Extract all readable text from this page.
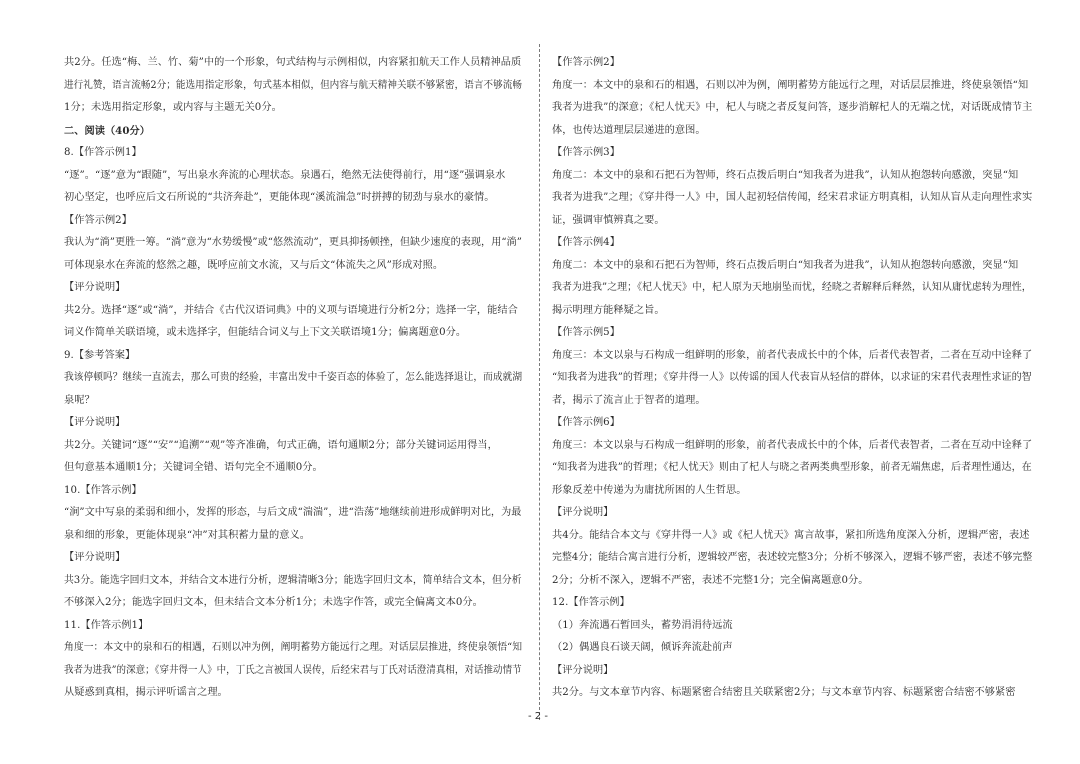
共2分。任选“梅、兰、竹、菊”中的一个形象，句式结构与示例相似，内容紧扣航天工作人员精神品质
进行礼赞，语言流畅2分；能选用指定形象，句式基本相似，但内容与航天精神关联不够紧密，语言不够流畅
1分；未选用指定形象，或内容与主题无关0分。
二、阅读（40分）
8.【作答示例1】
“逐”。“逐”意为“跟随”，写出泉水奔流的心理状态。泉遇石，绝然无法使得前行，用“逐”强调泉水
初心坚定，也呼应后文石所说的“共济奔赴”，更能体现“溪流湍急”时拼搏的韧劲与泉水的豪情。
【作答示例2】
我认为“淌”更胜一筹。“淌”意为“水势缓慢”或“悠然流动”，更具抑扬顿挫，但缺少速度的表现，用“淌”
可体现泉水在奔流的悠然之趣，既呼应前文水流，又与后文“体流失之风”形成对照。
【评分说明】
共2分。选择“逐”或“淌”，并结合《古代汉语词典》中的义项与语境进行分析2分；选择一字，能结合
词义作简单关联语境，或未选择字，但能结合词义与上下文关联语境1分；偏离题意0分。
9.【参考答案】
我该停顿吗？继续一直流去，那么可贵的经验，丰富出发中千姿百态的体验了，怎么能选择退让，而成就湖
泉呢？
【评分说明】
共2分。关键词“逐”“安”“追溯”“观”等齐准确，句式正确，语句通顺2分；部分关键词运用得当，
但句意基本通顺1分；关键词全错、语句完全不通顺0分。
10.【作答示例】
“涧”文中写泉的柔弱和细小，发挥的形态，与后文成“湍湍”，进“浩荡”地继续前进形成鲜明对比，为最
泉和细的形象，更能体现泉“冲”对其积蓄力量的意义。
【评分说明】
共3分。能选字回归文本，并结合文本进行分析，逻辑清晰3分；能选字回归文本，简单结合文本，但分析
不够深入2分；能选字回归文本，但未结合文本分析1分；未选字作答，或完全偏离文本0分。
11.【作答示例1】
角度一：本文中的泉和石的相遇，石则以冲为例，阐明蓄势方能远行之理。对话层层推进，终使泉领悟“知
我者为进我”的深意；《穿井得一人》中，丁氏之言被国人误传，后经宋君与丁氏对话澄清真相，对话推动情节
从疑惑到真相，揭示评听谣言之理。
【作答示例2】
角度一：本文中的泉和石的相遇，石则以冲为例，阐明蓄势方能远行之理，对话层层推进，终使泉领悟“知
我者为进我”的深意；《杞人忧天》中，杞人与晓之者反复问答，逐步消解杞人的无端之忧，对话既成情节主
体，也传达道理层层递进的意图。
【作答示例3】
角度二：本文中的泉和石把石为智师，终石点拨后明白“知我者为进我”，认知从抱怨转向感激，突显“知
我者为进我”之理；《穿井得一人》中，国人起初轻信传闻，经宋君求证方明真相，认知从盲从走向理性求实
证，强调审慎辨真之要。
【作答示例4】
角度二：本文中的泉和石把石为智师，终石点拨后明白“知我者为进我”，认知从抱怨转向感激，突显“知
我者为进我”之理；《杞人忧天》中，杞人原为天地崩坠而忧，经晓之者解释后释然，认知从庸忧虑转为理性，
揭示明理方能释疑之旨。
【作答示例5】
角度三：本文以泉与石构成一组鲜明的形象，前者代表成长中的个体，后者代表智者，二者在互动中诠释了
“知我者为进我”的哲理；《穿井得一人》以传谣的国人代表盲从轻信的群体，以求证的宋君代表理性求证的智
者，揭示了流言止于智者的道理。
【作答示例6】
角度三：本文以泉与石构成一组鲜明的形象，前者代表成长中的个体，后者代表智者，二者在互动中诠释了
“知我者为进我”的哲理；《杞人忧天》则由了杞人与晓之者两类典型形象，前者无端焦虑，后者理性通达，在
形象反差中传递为为庸扰所困的人生哲思。
【评分说明】
共4分。能结合本文与《穿井得一人》或《杞人忧天》寓言故事，紧扣所选角度深入分析，逻辑严密，表述
完整4分；能结合寓言进行分析，逻辑较严密，表述较完整3分；分析不够深入，逻辑不够严密，表述不够完整
2分；分析不深入，逻辑不严密，表述不完整1分；完全偏离题意0分。
12.【作答示例】
（1）奔流遇石暂回头，蓄势涓涓待远流
（2）偶遇良石谈天阔，倾诉奔流赴前声
【评分说明】
共2分。与文本章节内容、标题紧密合结密且关联紧密2分；与文本章节内容、标题紧密合结密不够紧密
- 2 -
